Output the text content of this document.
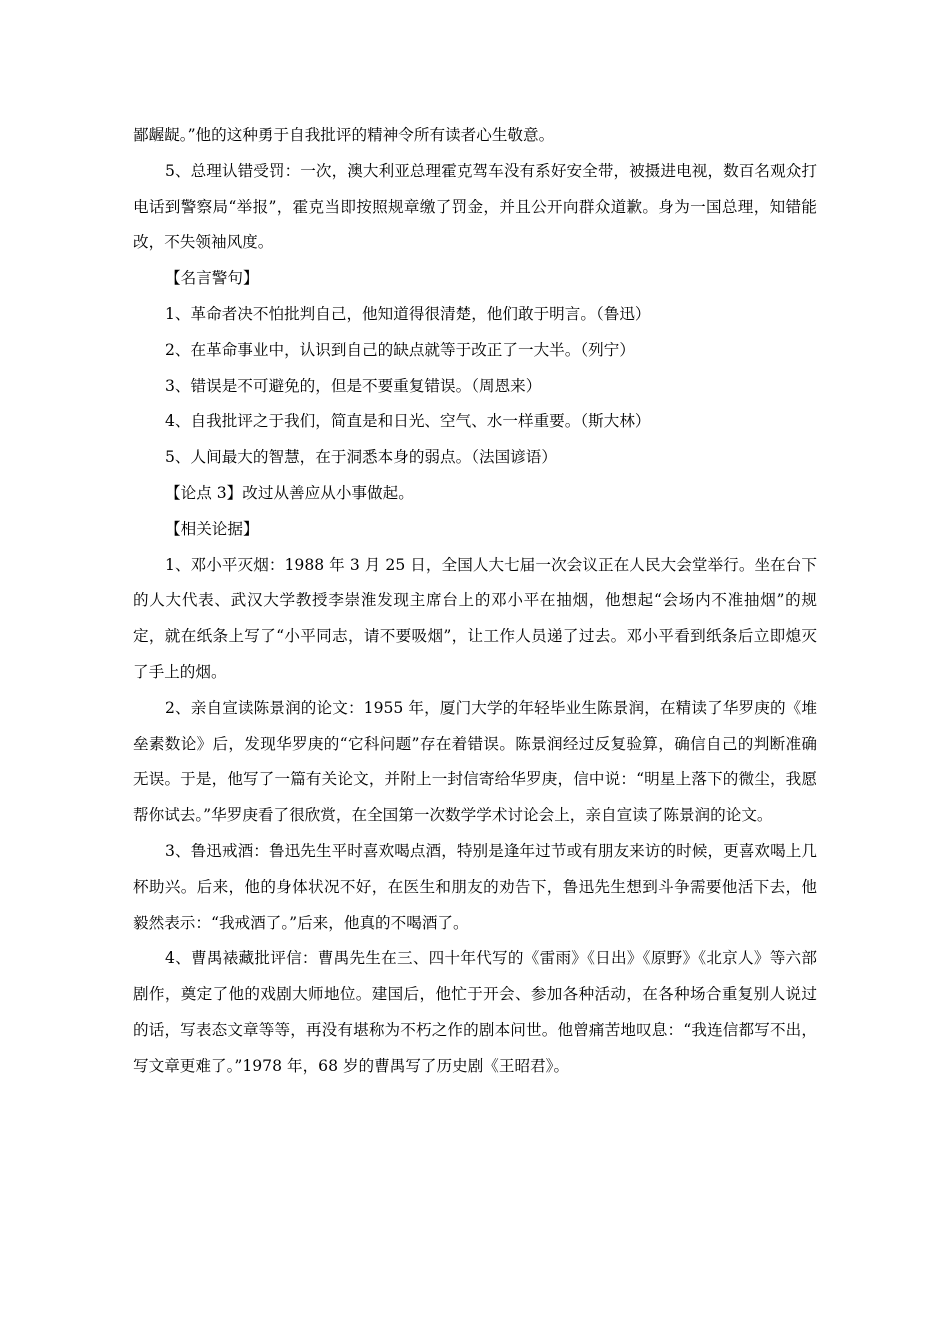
鄙龌龊。”他的这种勇于自我批评的精神令所有读者心生敬意。

5、总理认错受罚：一次，澳大利亚总理霍克驾车没有系好安全带，被摄进电视，数百名观众打电话到警察局“举报”，霍克当即按照规章缴了罚金，并且公开向群众道歉。身为一国总理，知错能改，不失领袖风度。

【名言警句】

1、革命者决不怕批判自己，他知道得很清楚，他们敢于明言。（鲁迅）

2、在革命事业中，认识到自己的缺点就等于改正了一大半。（列宁）

3、错误是不可避免的，但是不要重复错误。（周恩来）

4、自我批评之于我们，简直是和日光、空气、水一样重要。（斯大林）

5、人间最大的智慧，在于洞悉本身的弱点。（法国谚语）

【论点 3】改过从善应从小事做起。

【相关论据】

1、邓小平灭烟：1988 年 3 月 25 日，全国人大七届一次会议正在人民大会堂举行。坐在台下的人大代表、武汉大学教授李崇淮发现主席台上的邓小平在抽烟，他想起“会场内不准抽烟”的规定，就在纸条上写了“小平同志，请不要吸烟”，让工作人员递了过去。邓小平看到纸条后立即熄灭了手上的烟。

2、亲自宣读陈景润的论文：1955 年，厦门大学的年轻毕业生陈景润，在精读了华罗庚的《堆垒素数论》后，发现华罗庚的“它科问题”存在着错误。陈景润经过反复验算，确信自己的判断准确无误。于是，他写了一篇有关论文，并附上一封信寄给华罗庚，信中说：“明星上落下的微尘，我愿帮你试去。”华罗庚看了很欣赏，在全国第一次数学学术讨论会上，亲自宣读了陈景润的论文。

3、鲁迅戒酒：鲁迅先生平时喜欢喝点酒，特别是逢年过节或有朋友来访的时候，更喜欢喝上几杯助兴。后来，他的身体状况不好，在医生和朋友的劝告下，鲁迅先生想到斗争需要他活下去，他毅然表示：“我戒酒了。”后来，他真的不喝酒了。

4、曹禺裱藏批评信：曹禺先生在三、四十年代写的《雷雨》《日出》《原野》《北京人》等六部剧作，奠定了他的戏剧大师地位。建国后，他忙于开会、参加各种活动，在各种场合重复别人说过的话，写表态文章等等，再没有堪称为不朽之作的剧本问世。他曾痛苦地叹息：“我连信都写不出，写文章更难了。”1978 年，68 岁的曹禺写了历史剧《王昭君》。
